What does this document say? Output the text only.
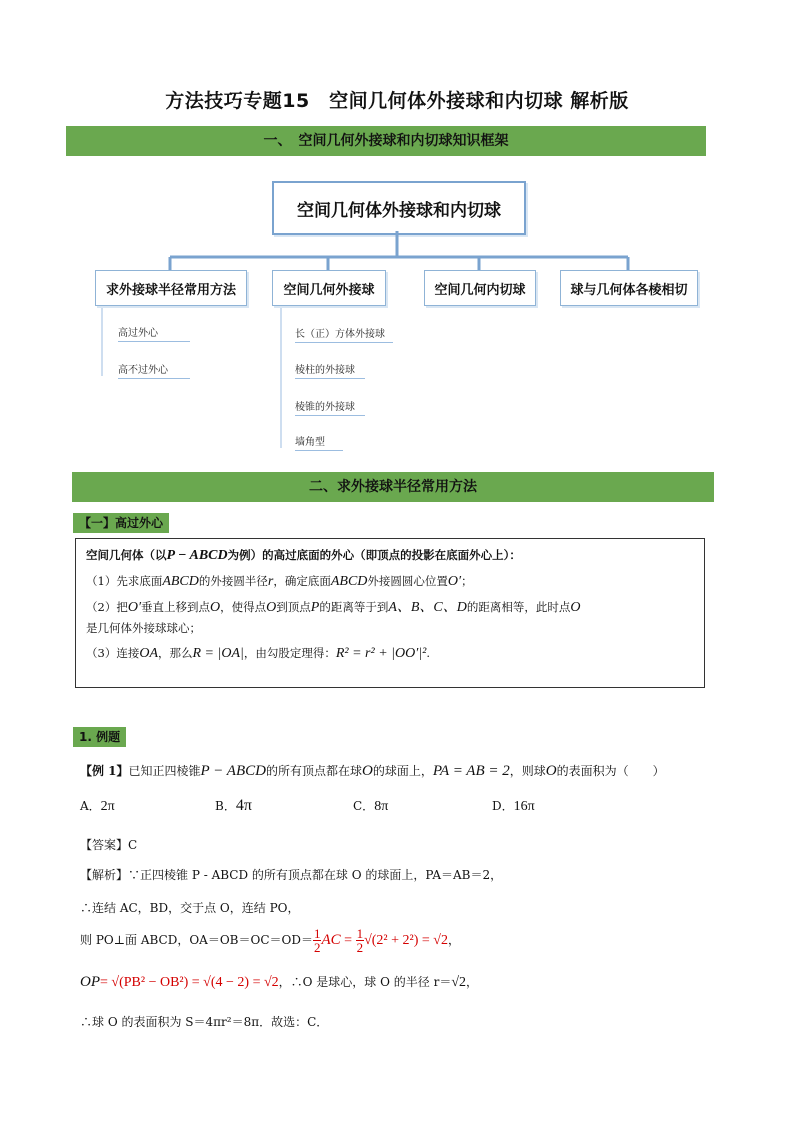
方法技巧专题15　空间几何体外接球和内切球 解析版
一、　空间几何外接球和内切球知识框架
空间几何体外接球和内切球
求外接球半径常用方法	空间几何外接球	空间几何内切球	球与几何体各棱相切
高过外心
高不过外心
长（正）方体外接球
棱柱的外接球
棱锥的外接球
墙角型
二、求外接球半径常用方法
【一】高过外心

空间几何体（以P − ABCD为例）的高过底面的外心（即顶点的投影在底面外心上）：

（1）先求底面ABCD的外接圆半径r，确定底面ABCD外接圆圆心位置O′；

（2）把O′垂直上移到点O，使得点O到顶点P的距离等于到A、B、C、D的距离相等，此时点O

是几何体外接球球心；

（3）连接OA，那么R = |OA|，由勾股定理得：R² = r² + |OO′|².

1. 例题
【例 1】已知正四棱锥P − ABCD的所有顶点都在球O的球面上，PA = AB = 2，则球O的表面积为（　　）
A．2π	B．4π	C．8π	D．16π
【答案】C
【解析】∵正四棱锥 P - ABCD 的所有顶点都在球 O 的球面上，PA＝AB＝2，
∴连结 AC，BD，交于点 O，连结 PO，
则 PO⊥面 ABCD，$OA=OB=OC=OD= \frac{1}{2}$ AC = $\frac{1}{2} √(2^2 + 2^2) = √2$，
OP= √(PB² − OB²) = √(4 − 2) = √2，∴O 是球心，球 O 的半径 r＝√2，
∴球 O 的表面积为 S＝4πr²＝8π．故选：C．
